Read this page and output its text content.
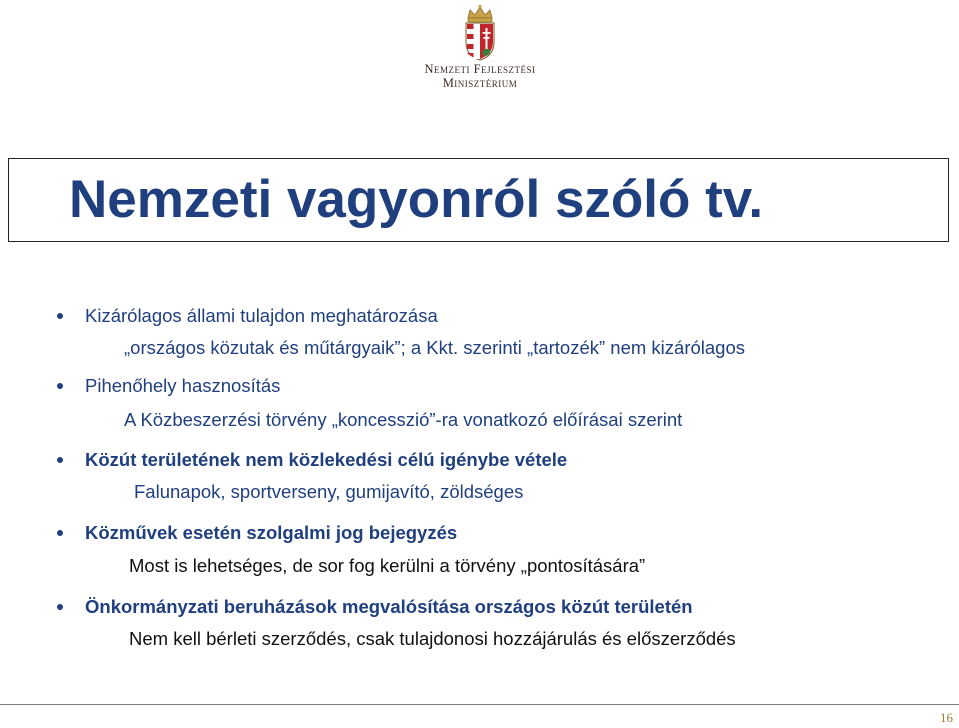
Nemzeti Fejlesztési
Minisztérium
Nemzeti vagyonról szóló tv.
Kizárólagos állami tulajdon meghatározása
„országos közutak és műtárgyaik”; a Kkt. szerinti „tartozék” nem kizárólagos
Pihenőhely hasznosítás
A Közbeszerzési törvény „koncesszió”-ra vonatkozó előírásai szerint
Közút területének nem közlekedési célú igénybe vétele
Falunapok, sportverseny, gumijavító, zöldséges
Közművek esetén szolgalmi jog bejegyzés
Most is lehetséges, de sor fog kerülni a törvény „pontosítására”
Önkormányzati beruházások megvalósítása országos közút területén
Nem kell bérleti szerződés, csak tulajdonosi hozzájárulás és előszerződés
16
